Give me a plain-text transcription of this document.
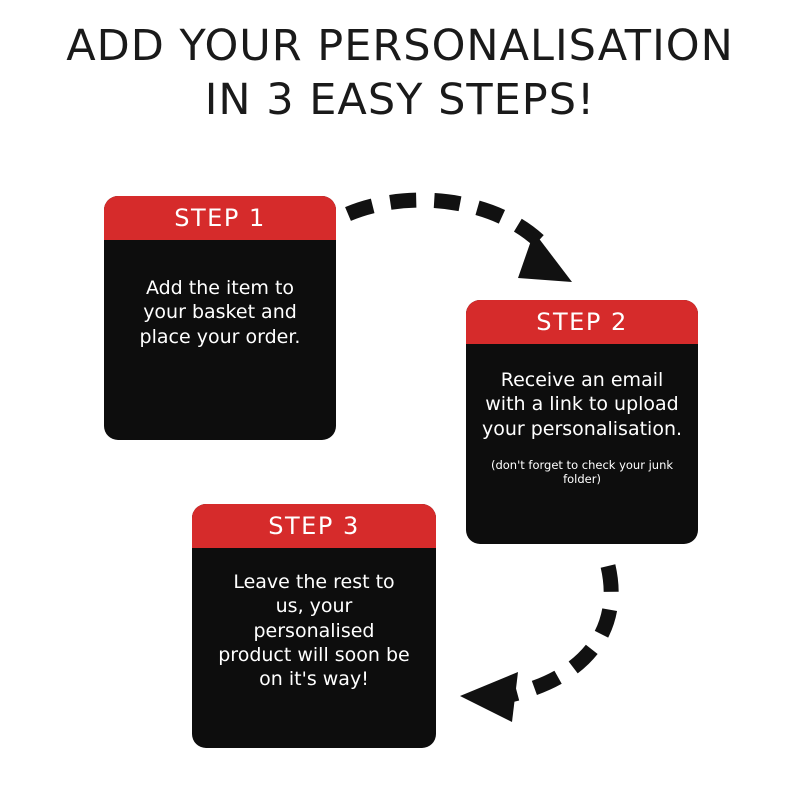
ADD YOUR PERSONALISATION
IN 3 EASY STEPS!
STEP 1
Add the item to your basket and place your order.
STEP 2
Receive an email with a link to upload your personalisation.
(don't forget to check your junk folder)
STEP 3
Leave the rest to us, your personalised product will soon be on it's way!
